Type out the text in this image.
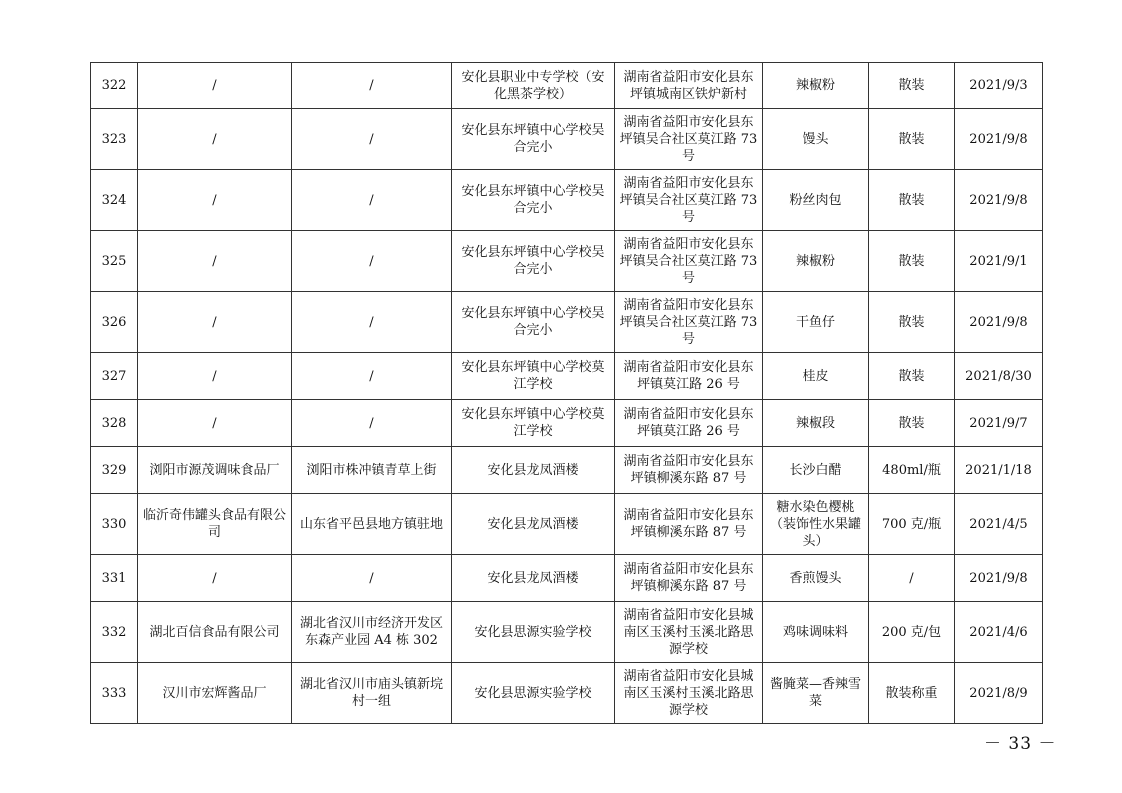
322	/	/	安化县职业中专学校（安化黑茶学校）	湖南省益阳市安化县东坪镇城南区铁炉新村	辣椒粉	散装	2021/9/3
323	/	/	安化县东坪镇中心学校吴合完小	湖南省益阳市安化县东坪镇吴合社区莫江路 73 号	馒头	散装	2021/9/8
324	/	/	安化县东坪镇中心学校吴合完小	湖南省益阳市安化县东坪镇吴合社区莫江路 73 号	粉丝肉包	散装	2021/9/8
325	/	/	安化县东坪镇中心学校吴合完小	湖南省益阳市安化县东坪镇吴合社区莫江路 73 号	辣椒粉	散装	2021/9/1
326	/	/	安化县东坪镇中心学校吴合完小	湖南省益阳市安化县东坪镇吴合社区莫江路 73 号	干鱼仔	散装	2021/9/8
327	/	/	安化县东坪镇中心学校莫江学校	湖南省益阳市安化县东坪镇莫江路 26 号	桂皮	散装	2021/8/30
328	/	/	安化县东坪镇中心学校莫江学校	湖南省益阳市安化县东坪镇莫江路 26 号	辣椒段	散装	2021/9/7
329	浏阳市源茂调味食品厂	浏阳市株冲镇青草上街	安化县龙凤酒楼	湖南省益阳市安化县东坪镇柳溪东路 87 号	长沙白醋	480ml/瓶	2021/1/18
330	临沂奇伟罐头食品有限公司	山东省平邑县地方镇驻地	安化县龙凤酒楼	湖南省益阳市安化县东坪镇柳溪东路 87 号	糖水染色樱桃（装饰性水果罐头）	700 克/瓶	2021/4/5
331	/	/	安化县龙凤酒楼	湖南省益阳市安化县东坪镇柳溪东路 87 号	香煎馒头	/	2021/9/8
332	湖北百信食品有限公司	湖北省汉川市经济开发区东森产业园 A4 栋 302	安化县思源实验学校	湖南省益阳市安化县城南区玉溪村玉溪北路思源学校	鸡味调味料	200 克/包	2021/4/6
333	汉川市宏辉酱品厂	湖北省汉川市庙头镇新垸村一组	安化县思源实验学校	湖南省益阳市安化县城南区玉溪村玉溪北路思源学校	酱腌菜—香辣雪菜	散装称重	2021/8/9
－ 33 －
